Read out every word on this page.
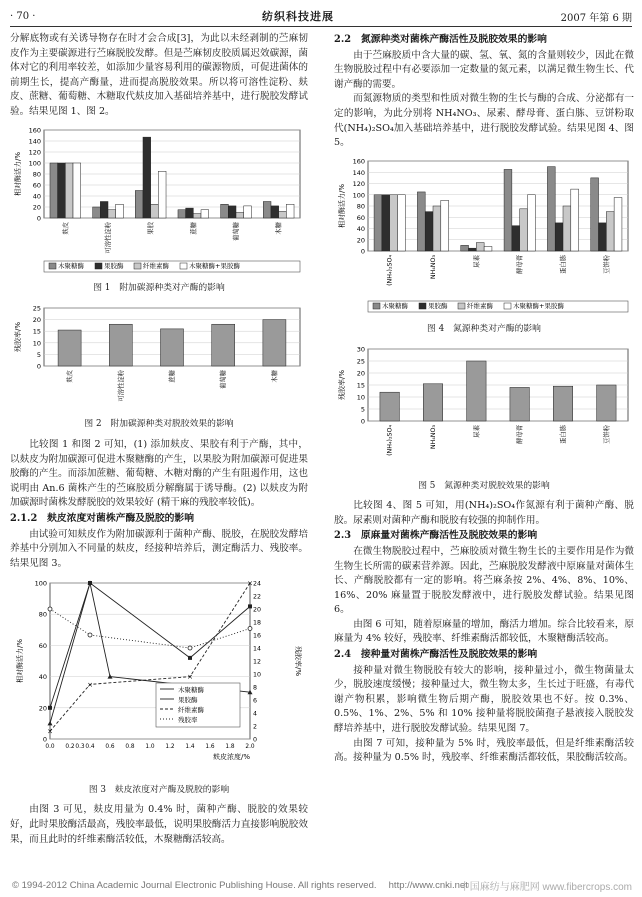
· 70 ·	纺织科技进展	2007 年第 6 期

分解底物或有关诱导物存在时才会合成[3]，为此以未经剥制的苎麻韧皮作为主要碳源进行苎麻脱胶发酵。但是苎麻韧皮胶质属迟效碳源，菌体对它的利用率较差，如添加少量容易利用的碳源物质，可促进菌体的前期生长，提高产酶量，进而提高脱胶效果。所以将可溶性淀粉、麸皮、蔗糖、葡萄糖、木糖取代麸皮加入基础培养基中，进行脱胶发酵试验。结果见图 1、图 2。

0
20
40
60
80
100
120
140
160
相对酶活力/%
麸皮	可溶性淀粉	果胶	蔗糖	葡萄糖	木糖
木聚糖酶	果胶酶	纤维素酶	木聚糖酶+果胶酶
图 1　附加碳源种类对产酶的影响
0
5
10
15
20
25
残胶率/%
麸皮	可溶性淀粉	蔗糖	葡萄糖	木糖
图 2　附加碳源种类对脱胶效果的影响

比较图 1 和图 2 可知，(1) 添加麸皮、果胶有利于产酶，其中，以麸皮为附加碳源可促进木聚糖酶的产生，以果胶为附加碳源可促进果胶酶的产生。而添加蔗糖、葡萄糖、木糖对酶的产生有阻遏作用，这也说明由 An.6 菌株产生的苎麻胶质分解酶属于诱导酶。(2) 以麸皮为附加碳源时菌株发酵脱胶的效果较好 (精干麻的残胶率较低)。

2.1.2　麸皮浓度对菌株产酶及脱胶的影响

由试验可知麸皮作为附加碳源利于菌种产酶、脱胶，在脱胶发酵培养基中分别加入不同量的麸皮，经接种培养后，测定酶活力、残胶率。结果见图 3。

0
20
40
60
80
100
0
2
4
6
8
10
12
14
16
18
20
22
24
0.0 0.2 0.3 0.4 0.6 0.8 1.0 1.2 1.4 1.6 1.8 2.0
相对酶活力/%	残胶率/%
麸皮浓度/%
×
×
×
×
木聚糖酶
果胶酶
纤维素酶
残胶率
图 3　麸皮浓度对产酶及脱胶的影响

由图 3 可见，麸皮用量为 0.4% 时，菌种产酶、脱胶的效果较好，此时果胶酶活最高，残胶率最低，说明果胶酶活力直接影响脱胶效果，而且此时的纤维素酶活较低，木聚糖酶活较高。

2.2　氮源种类对菌株产酶活性及脱胶效果的影响

由于苎麻胶质中含大量的碳、氢、氧、氮的含量则较少，因此在微生物脱胶过程中有必要添加一定数量的氮元素，以满足微生物生长、代谢产酶的需要。

而氮源物质的类型和性质对微生物的生长与酶的合成、分泌都有一定的影响，为此分别将 NH₄NO₃、尿素、酵母膏、蛋白胨、豆饼粉取代(NH₄)₂SO₄加入基础培养基中，进行脱胶发酵试验。结果见图 4、图 5。

0
20
40
60
80
100
120
140
160
相对酶活力/%
(NH₄)₂SO₄	NH₄NO₃	尿素	酵母膏	蛋白胨	豆饼粉
木聚糖酶	果胶酶	纤维素酶	木聚糖酶+果胶酶
图 4　氮源种类对产酶的影响
0
5
10
15
20
25
30
残胶率/%
(NH₄)₂SO₄	NH₄NO₃	尿素	酵母膏	蛋白胨	豆饼粉
图 5　氮源种类对脱胶效果的影响

比较图 4、图 5 可知，用(NH₄)₂SO₄作氮源有利于菌种产酶、脱胶。尿素则对菌种产酶和脱胶有较强的抑制作用。

2.3　原麻量对菌株产酶活性及脱胶效果的影响

在微生物脱胶过程中，苎麻胶质对微生物生长的主要作用是作为微生物生长所需的碳素营养源。因此，苎麻脱胶发酵液中原麻量对菌体生长、产酶脱胶都有一定的影响。将苎麻条按 2%、4%、8%、10%、16%、20% 麻量置于脱胶发酵液中，进行脱胶发酵试验。结果见图 6。

由图 6 可知，随着原麻量的增加，酶活力增加。综合比较看来，原麻量为 4% 较好，残胶率、纤维素酶活都较低，木聚糖酶活较高。

2.4　接种量对菌株产酶活性及脱胶效果的影响

接种量对微生物脱胶有较大的影响，接种量过小，微生物菌量太少，脱胶速度缓慢；接种量过大，微生物太多，生长过于旺盛，有毒代谢产物积累，影响微生物后期产酶，脱胶效果也不好。按 0.3%、0.5%、1%、2%、5% 和 10% 接种量将脱胶菌孢子悬液接入脱胶发酵培养基中，进行脱胶发酵试验。结果见图 7。

由图 7 可知，接种量为 5% 时，残胶率最低，但是纤维素酶活较高。接种量为 0.5% 时，残胶率、纤维素酶活都较低，果胶酶活较高。

© 1994-2012 China Academic Journal Electronic Publishing House. All rights reserved.　 http://www.cnki.net
中国麻纺与麻肥网 www.fibercrops.com
